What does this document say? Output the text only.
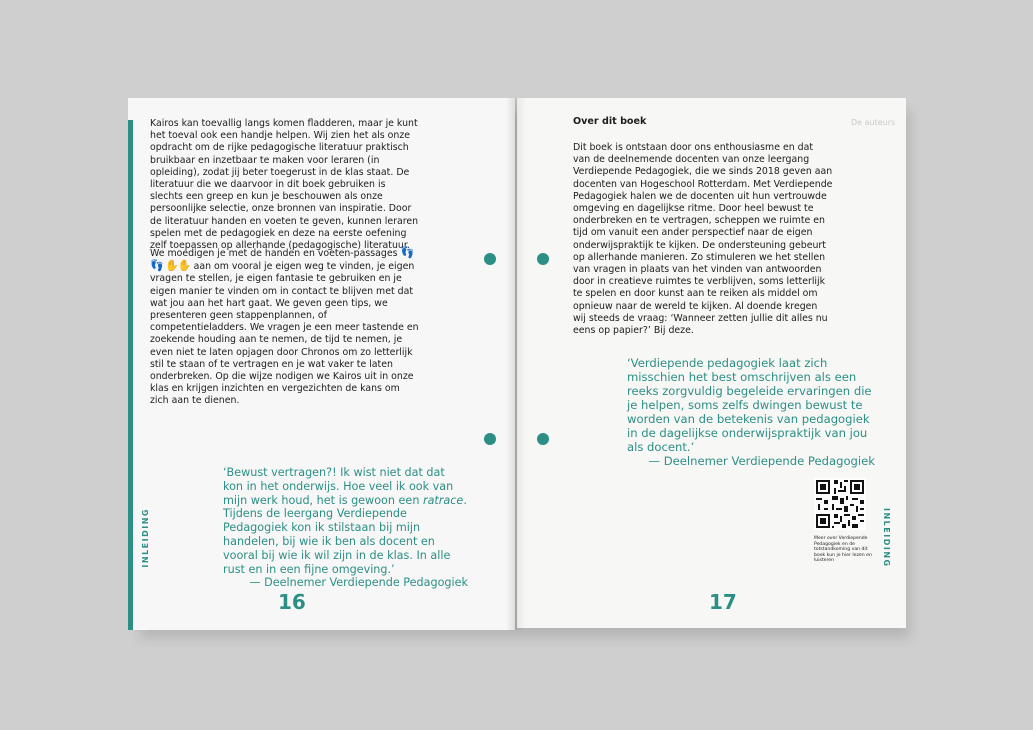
INLEIDING
Kairos kan toevallig langs komen fladderen, maar je kunt het toeval ook een handje helpen. Wij zien het als onze opdracht om de rijke pedagogische literatuur praktisch bruikbaar en inzetbaar te maken voor leraren (in opleiding), zodat jij beter toegerust in de klas staat. De literatuur die we daarvoor in dit boek gebruiken is slechts een greep en kun je beschouwen als onze persoonlijke selectie, onze bronnen van inspiratie. Door de literatuur handen en voeten te geven, kunnen leraren spelen met de pedagogiek en deze na eerste oefening zelf toepassen op allerhande (pedagogische) literatuur.
We moedigen je met de handen en voeten-passages 👣👣 ✋✋ aan om vooral je eigen weg te vinden, je eigen vragen te stellen, je eigen fantasie te gebruiken en je eigen manier te vinden om in contact te blijven met dat wat jou aan het hart gaat. We geven geen tips, we presenteren geen stappenplannen, of competentieladders. We vragen je een meer tastende en zoekende houding aan te nemen, de tijd te nemen, je even niet te laten opjagen door Chronos om zo letterlijk stil te staan of te vertragen en je wat vaker te laten onderbreken. Op die wijze nodigen we Kairos uit in onze klas en krijgen inzichten en vergezichten de kans om zich aan te dienen.
‘Bewust vertragen?! Ik wist niet dat dat kon in het onderwijs. Hoe veel ik ook van mijn werk houd, het is gewoon een ratrace. Tijdens de leergang Verdiepende Pedagogiek kon ik stilstaan bij mijn handelen, bij wie ik ben als docent en vooral bij wie ik wil zijn in de klas. In alle rust en in een fijne omgeving.’
— Deelnemer Verdiepende Pedagogiek
16
Over dit boek	De auteurs
Dit boek is ontstaan door ons enthousiasme en dat van de deelnemende docenten van onze leergang Verdiepende Pedagogiek, die we sinds 2018 geven aan docenten van Hogeschool Rotterdam. Met Verdiepende Pedagogiek halen we de docenten uit hun vertrouwde omgeving en dagelijkse ritme. Door heel bewust te onderbreken en te vertragen, scheppen we ruimte en tijd om vanuit een ander perspectief naar de eigen onderwijspraktijk te kijken. De ondersteuning gebeurt op allerhande manieren. Zo stimuleren we het stellen van vragen in plaats van het vinden van antwoorden door in creatieve ruimtes te verblijven, soms letterlijk te spelen en door kunst aan te reiken als middel om opnieuw naar de wereld te kijken. Al doende kregen wij steeds de vraag: ‘Wanneer zetten jullie dit alles nu eens op papier?’ Bij deze.
‘Verdiepende pedagogiek laat zich misschien het best omschrijven als een reeks zorgvuldig begeleide ervaringen die je helpen, soms zelfs dwingen bewust te worden van de betekenis van pedagogiek in de dagelijkse onderwijspraktijk van jou als docent.’
— Deelnemer Verdiepende Pedagogiek
Meer over Verdiepende Pedagogiek en de totstandkoming van dit boek kun je hier lezen en luisteren	INLEIDING
17
